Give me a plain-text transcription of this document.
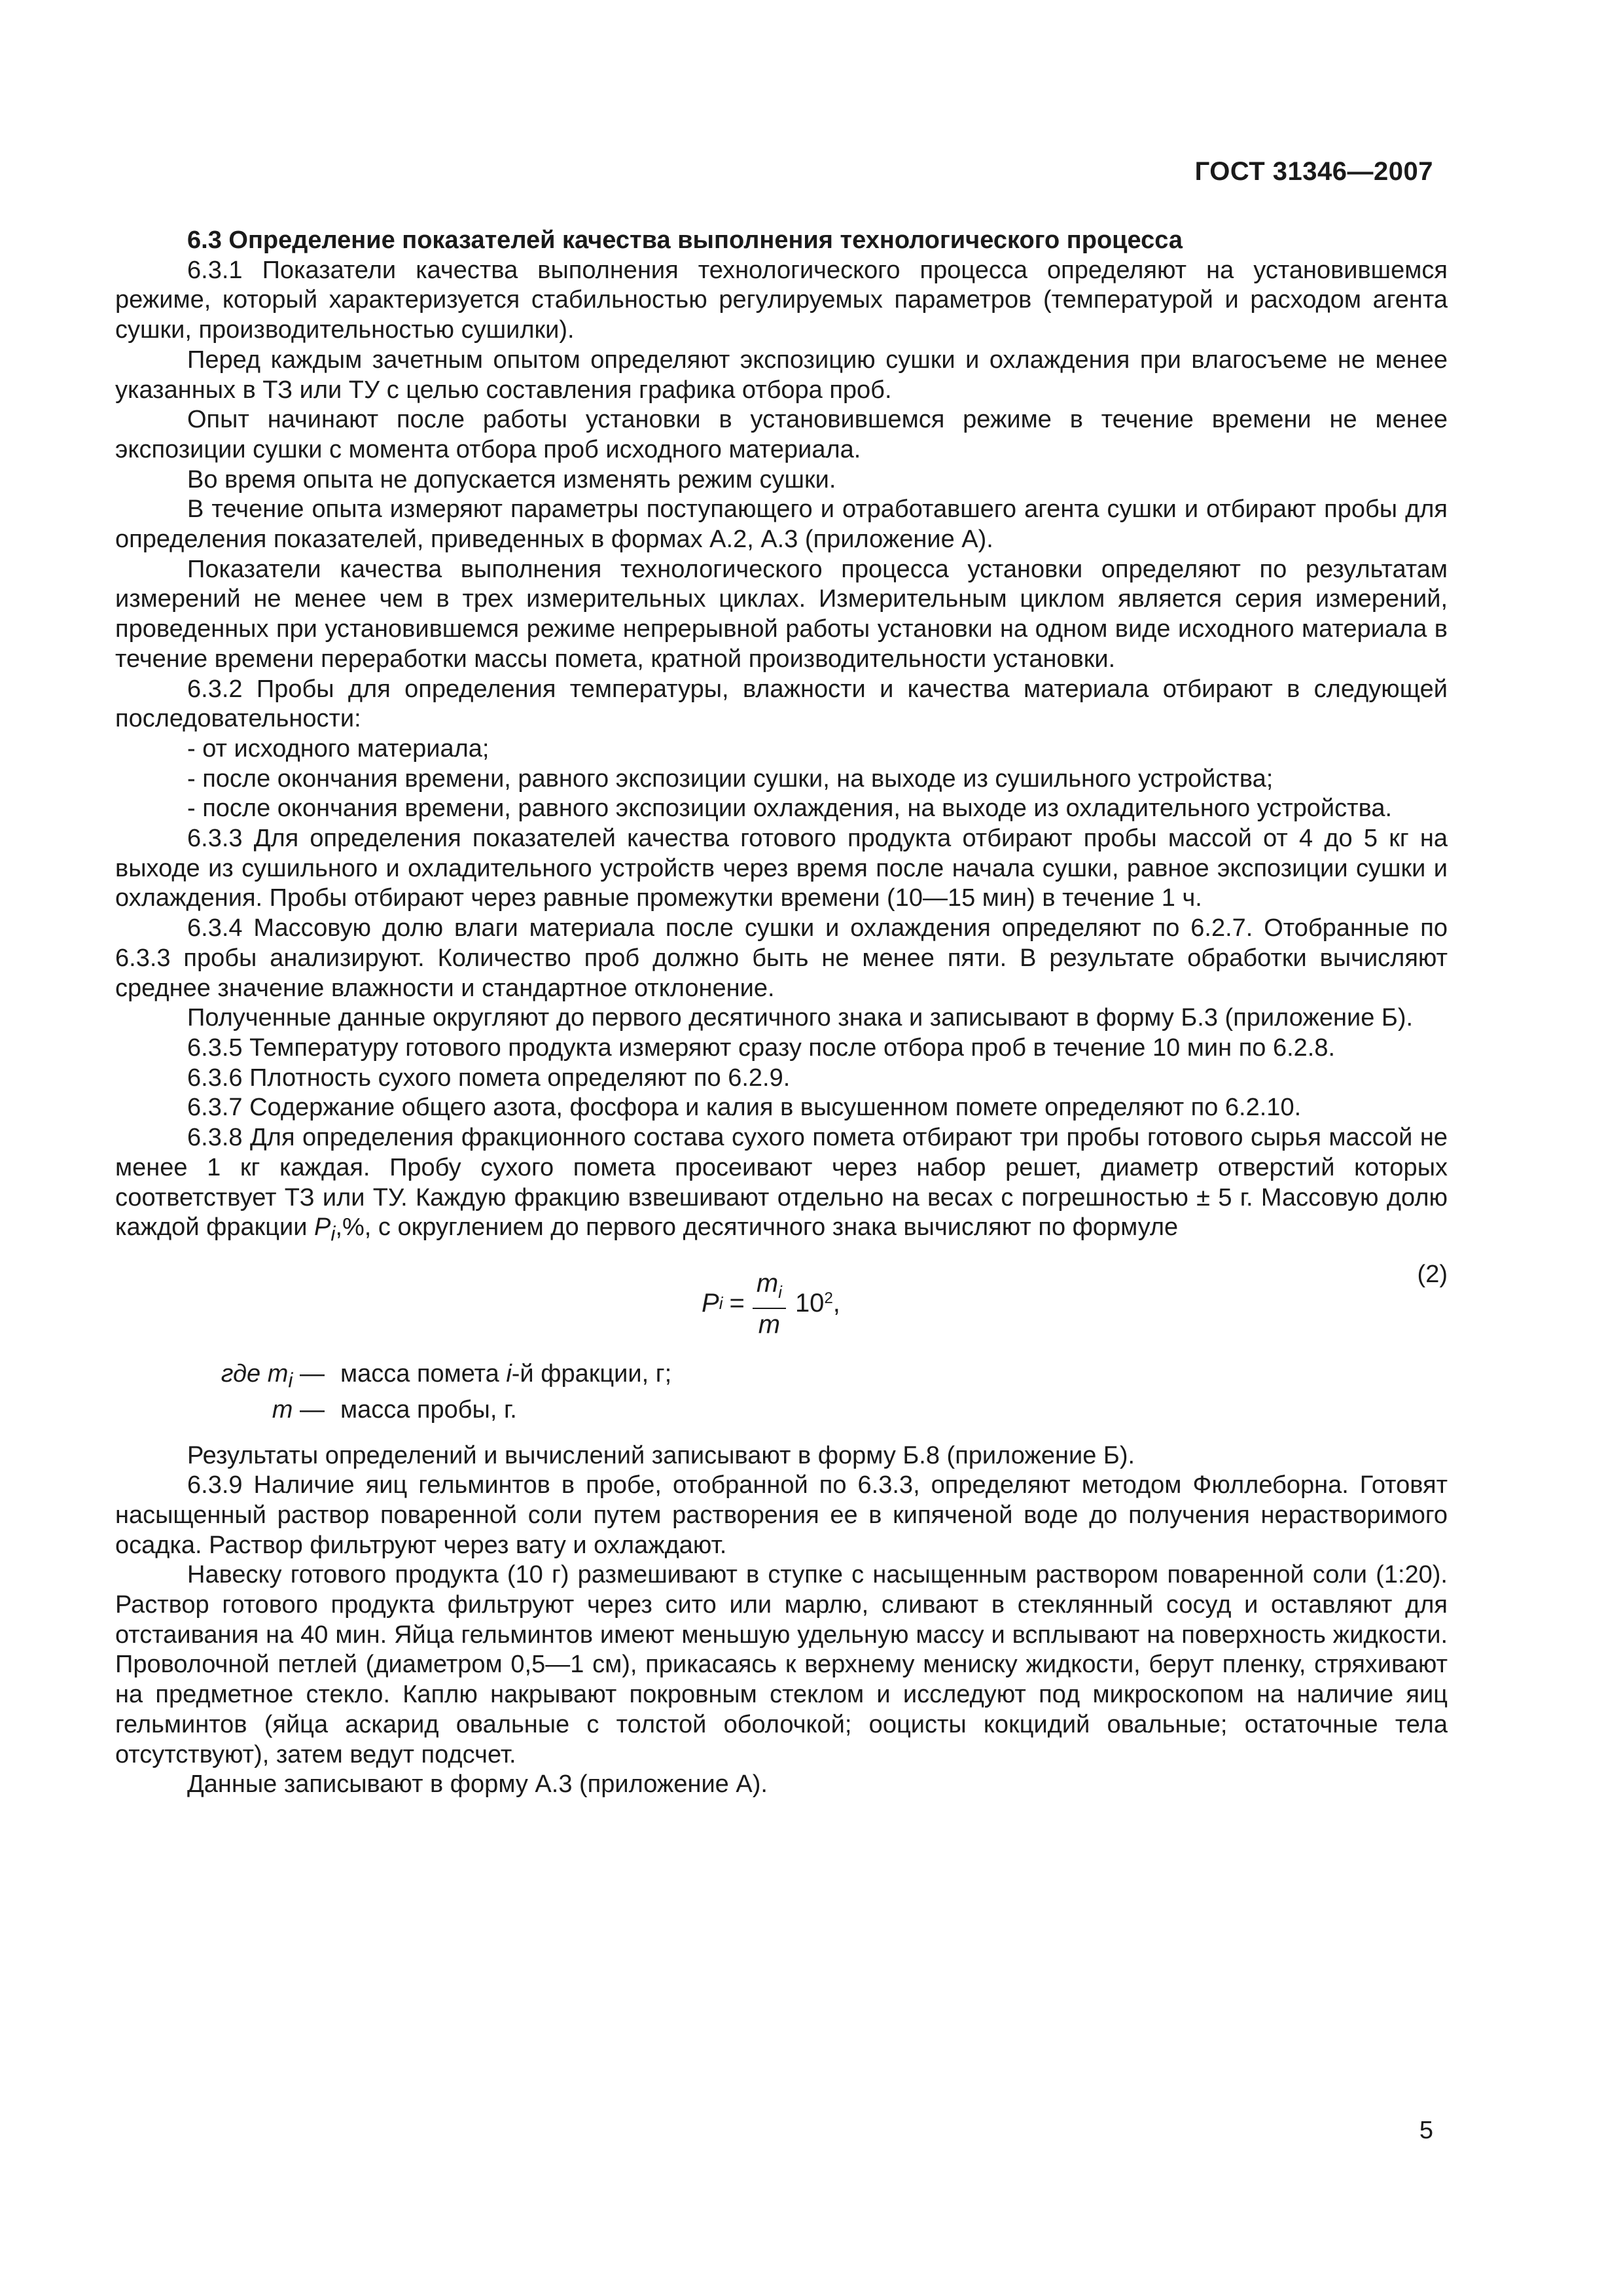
ГОСТ 31346—2007

6.3 Определение показателей качества выполнения технологического процесса

6.3.1 Показатели качества выполнения технологического процесса определяют на установившемся режиме, который характеризуется стабильностью регулируемых параметров (температурой и расходом агента сушки, производительностью сушилки).

Перед каждым зачетным опытом определяют экспозицию сушки и охлаждения при влагосъеме не менее указанных в ТЗ или ТУ с целью составления графика отбора проб.

Опыт начинают после работы установки в установившемся режиме в течение времени не менее экспозиции сушки с момента отбора проб исходного материала.

Во время опыта не допускается изменять режим сушки.

В течение опыта измеряют параметры поступающего и отработавшего агента сушки и отбирают пробы для определения показателей, приведенных в формах А.2, А.3 (приложение А).

Показатели качества выполнения технологического процесса установки определяют по результатам измерений не менее чем в трех измерительных циклах. Измерительным циклом является серия измерений, проведенных при установившемся режиме непрерывной работы установки на одном виде исходного материала в течение времени переработки массы помета, кратной производительности установки.

6.3.2 Пробы для определения температуры, влажности и качества материала отбирают в следующей последовательности:

- от исходного материала;

- после окончания времени, равного экспозиции сушки, на выходе из сушильного устройства;

- после окончания времени, равного экспозиции охлаждения, на выходе из охладительного устройства.

6.3.3 Для определения показателей качества готового продукта отбирают пробы массой от 4 до 5 кг на выходе из сушильного и охладительного устройств через время после начала сушки, равное экспозиции сушки и охлаждения. Пробы отбирают через равные промежутки времени (10—15 мин) в течение 1 ч.

6.3.4 Массовую долю влаги материала после сушки и охлаждения определяют по 6.2.7. Отобранные по 6.3.3 пробы анализируют. Количество проб должно быть не менее пяти. В результате обработки вычисляют среднее значение влажности и стандартное отклонение.

Полученные данные округляют до первого десятичного знака и записывают в форму Б.3 (приложение Б).

6.3.5 Температуру готового продукта измеряют сразу после отбора проб в течение 10 мин по 6.2.8.

6.3.6 Плотность сухого помета определяют по 6.2.9.

6.3.7 Содержание общего азота, фосфора и калия в высушенном помете определяют по 6.2.10.

6.3.8 Для определения фракционного состава сухого помета отбирают три пробы готового сырья массой не менее 1 кг каждая. Пробу сухого помета просеивают через набор решет, диаметр отверстий которых соответствует ТЗ или ТУ. Каждую фракцию взвешивают отдельно на весах с погрешностью ± 5 г. Массовую долю каждой фракции $P_i,\%$, с округлением до первого десятичного знака вычисляют по формуле

P $i = \frac{m_i}{m} 10^2$ ,
(2)
где $m_i$ — масса помета i-й фракции, г;
m — масса пробы, г.

Результаты определений и вычислений записывают в форму Б.8 (приложение Б).

6.3.9 Наличие яиц гельминтов в пробе, отобранной по 6.3.3, определяют методом Фюллеборна. Готовят насыщенный раствор поваренной соли путем растворения ее в кипяченой воде до получения нерастворимого осадка. Раствор фильтруют через вату и охлаждают.

Навеску готового продукта (10 г) размешивают в ступке с насыщенным раствором поваренной соли (1:20). Раствор готового продукта фильтруют через сито или марлю, сливают в стеклянный сосуд и оставляют для отстаивания на 40 мин. Яйца гельминтов имеют меньшую удельную массу и всплывают на поверхность жидкости. Проволочной петлей (диаметром 0,5—1 см), прикасаясь к верхнему мениску жидкости, берут пленку, стряхивают на предметное стекло. Каплю накрывают покровным стеклом и исследуют под микроскопом на наличие яиц гельминтов (яйца аскарид овальные с толстой оболочкой; ооцисты кокцидий овальные; остаточные тела отсутствуют), затем ведут подсчет.

Данные записывают в форму А.3 (приложение А).

5
